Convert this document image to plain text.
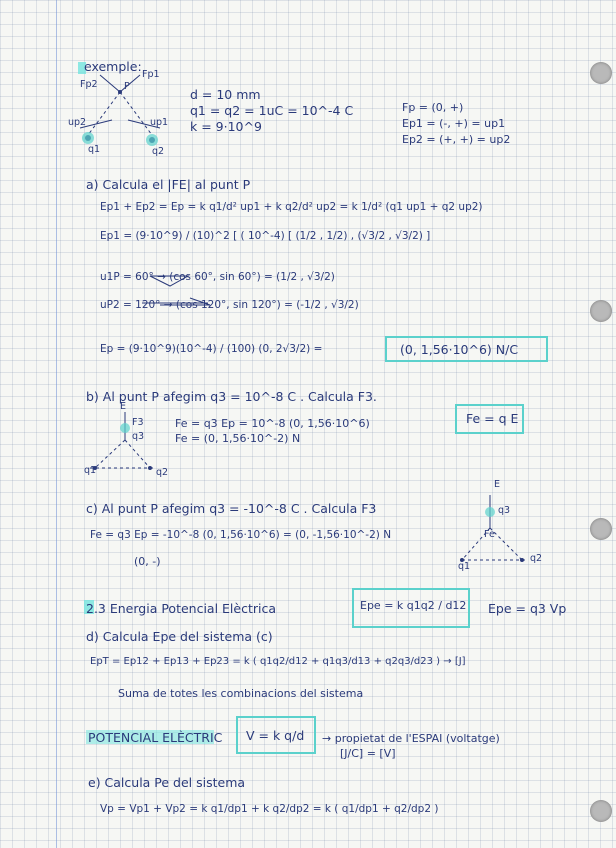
exemple:
Fp2
Fp1
P
up2	up1
q1	q2
d = 10 mm
q1 = q2 = 1uC = 10^-4 C
k = 9·10^9
Fp = (0, +)
Ep1 = (-, +) = up1
Ep2 = (+, +) = up2
a) Calcula el |FE| al punt P
Ep1 + Ep2 = Ep = k q1/d² up1 + k q2/d² up2 = k 1/d² (q1 up1 + q2 up2)
Ep1 = (9·10^9) / (10)^2 [ ( 10^-4) [ (1/2 , 1/2) , (√3/2 , √3/2) ]
u1P = 60° → (cos 60°, sin 60°) = (1/2 , √3/2)
uP2 = 120° → (cos 120°, sin 120°) = (-1/2 , √3/2)
Ep = (9·10^9)(10^-4) / (100) (0, 2√3/2) =	(0, 1,56·10^6) N/C
b) Al punt P afegim q3 = 10^-8 C . Calcula F3.
E
F3
q3
q1	q2
Fe = q3 Ep = 10^-8 (0, 1,56·10^6)
Fe = (0, 1,56·10^-2) N
Fe = q E
c) Al punt P afegim q3 = -10^-8 C . Calcula F3
E
q3
Fe
q1
q2
Fe = q3 Ep = -10^-8 (0, 1,56·10^6) = (0, -1,56·10^-2) N
(0, -)
2.3 Energia Potencial Elèctrica	Epe = k q1q2 / d12 Epe = q3 Vp
d) Calcula Epe del sistema (c)
EpT = Ep12 + Ep13 + Ep23 = k ( q1q2/d12 + q1q3/d13 + q2q3/d23 ) → [J]
Suma de totes les combinacions del sistema
POTENCIAL ELÈCTRIC V = k q/d → propietat de l'ESPAI (voltatge)
[J/C] = [V]
e) Calcula Pe del sistema
Vp = Vp1 + Vp2 = k q1/dp1 + k q2/dp2 = k ( q1/dp1 + q2/dp2 )
